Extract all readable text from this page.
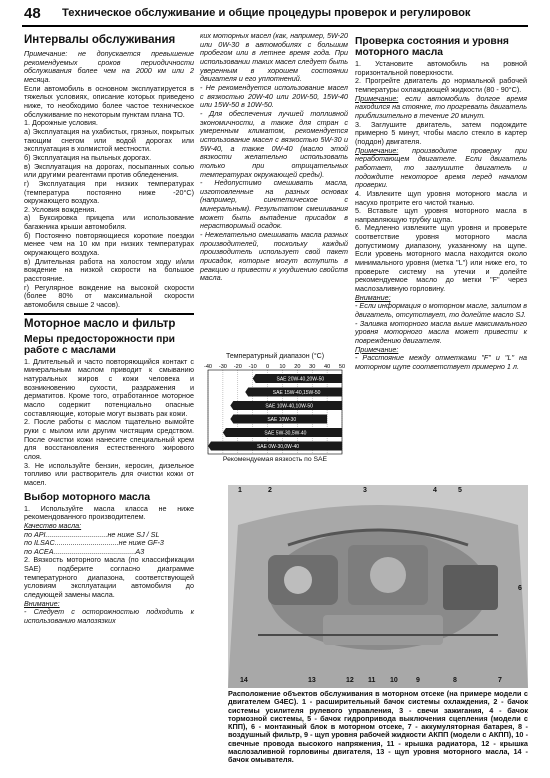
48 Техническое обслуживание и общие процедуры проверок и регулировок
Интервалы обслуживания

Примечание: не допускается превышение рекомендуемых сроков периодичности обслуживания более чем на 2000 км или 2 месяца.

Если автомобиль в основном эксплуатируется в тяжелых условиях, описание которых приведено ниже, то необходимо более частое техническое обслуживание по некоторым пунктам плана ТО.

1. Дорожные условия.

а) Эксплуатация на ухабистых, грязных, покрытых тающим снегом или водой дорогах или эксплуатация в холмистой местности.

б) Эксплуатация на пыльных дорогах.

в) Эксплуатация на дорогах, посыпанных солью или другими реагентами против обледенения.

г) Эксплуатация при низких температурах (температура постоянно ниже -20°С) окружающего воздуха.

2. Условия вождения.

а) Буксировка прицепа или использование багажника крыши автомобиля.

б) Постоянно повторяющиеся короткие поездки менее чем на 10 км при низких температурах окружающего воздуха.

в) Длительная работа на холостом ходу и/или вождение на низкой скорости на большое расстояние.

г) Регулярное вождение на высокой скорости (более 80% от максимальной скорости автомобиля свыше 2 часов).

Моторное масло и фильтр
Меры предосторожности при работе с маслами

1. Длительный и часто повторяющийся контакт с минеральным маслом приводит к смыванию натуральных жиров с кожи человека и возникновению сухости, раздражения и дерматитов. Кроме того, отработанное моторное масло содержит потенциально опасные составляющие, которые могут вызвать рак кожи.

2. После работы с маслом тщательно вымойте руки с мылом или другим чистящим средством. После очистки кожи нанесите специальный крем для восстановления естественного жирового слоя.

3. Не используйте бензин, керосин, дизельное топливо или растворитель для очистки кожи от масел.

Выбор моторного масла

1. Используйте масла класса не ниже рекомендованного производителем.

Качество масла:

по API...............................не ниже SJ / SL

по ILSAC................................не ниже GF-3

по ACEA.........................................A3

2. Вязкость моторного масла (по классификации SAE) подберите согласно диаграмме температурного диапазона, соответствующей условиям эксплуатации автомобиля до следующей замены масла.

Внимание:

- Следует с осторожностью подходить к использованию малозязких

ких моторных масел (как, например, 5W-20 или 0W-30 в автомобилях с большим пробегом или в летнее время года. При использовании таких масел следует быть уверенным в хорошем состоянии двигателя и его уплотнений.

- Не рекомендуется использование масел с вязкостью 20W-40 или 20W-50, 15W-40 или 15W-50 в 10W-50.

- Для обеспечения лучшей топливной экономичности, а также для стран с умеренным климатом, рекомендуется использование масел с вязкостью 5W-30 и 5W-40, а также 0W-40 (масло этой вязкости желательно использовать только при отрицательных температурах окружающей среды).

- Недопустимо смешивать масла, изготовленные на разных основах (например, синтетическое с минеральным). Результатом смешивания может быть выпадение присадок в нерастворимый осадок.

- Нежелательно смешивать масла разных производителей, поскольку каждый производитель использует свой пакет присадок, которые могут вступить в реакцию и привести к ухудшению свойств масла.

Температурный диапазон (°С)
-40 -30 -20 -10 0 10 20 30 40 50
SAE 20W-40,20W-50
SAE 15W-40,15W-50
SAE 10W-40,10W-50
SAE 10W-30
SAE 5W-30,5W-40
SAE 0W-30,0W-40
Рекомендуемая вязкость по SAE
Проверка состояния и уровня моторного масла

1. Установите автомобиль на ровной горизонтальной поверхности.

2. Прогрейте двигатель до нормальной рабочей температуры охлаждающей жидкости (80 - 90°С).

Примечание: если автомобиль долгое время находился на стоянке, то прогревать двигатель приблизительно в течение 20 минут.

3. Заглушите двигатель, затем подождите примерно 5 минут, чтобы масло стекло в картер (поддон) двигателя.

Примечание: производите проверку при неработающем двигателе. Если двигатель работает, то заглушите двигатель и подождите некоторое время перед началом проверки.

4. Извлеките щуп уровня моторного масла и насухо протрите его чистой тканью.

5. Вставьте щуп уровня моторного масла в направляющую трубку щупа.

6. Медленно извлеките щуп уровня и проверьте соответствие уровня моторного масла допустимому диапазону, указанному на щупе. Если уровень моторного масла находится около минимального уровня (метка "L") или ниже его, то проверьте систему на утечки и долейте рекомендуемое масло до метки "F" через маслозаливную горловину.

Внимание:

- Если информация о моторном масле, залитом в двигатель, отсутствует, то долейте масло SJ.

- Заливка моторного масла выше максимального уровня моторного масла может привести к повреждению двигателя.

Примечание:

- Расстояние между отметками "F" и "L" на моторном щупе соответствует примерно 1 л.

1	2	3	4	5
6
14	13	12 11 10	9	8	7
Расположение объектов обслуживания в моторном отсеке (на примере модели с двигателем G4EC). 1 - расширительный бачок системы охлаждения, 2 - бачок системы усилителя рулевого управления, 3 - свечи зажигания, 4 - бачок тормозной системы, 5 - бачок гидропривода выключения сцепления (модели с КПП), 6 - монтажный блок в моторном отсеке, 7 - аккумуляторная батарея, 8 - воздушный фильтр, 9 - щуп уровня рабочей жидкости АКПП (модели с АКПП), 10 - свечные провода высокого напряжения, 11 - крышка радиатора, 12 - крышка маслозаливной горловины двигателя, 13 - щуп уровня моторного масла, 14 - бачок омывателя.
